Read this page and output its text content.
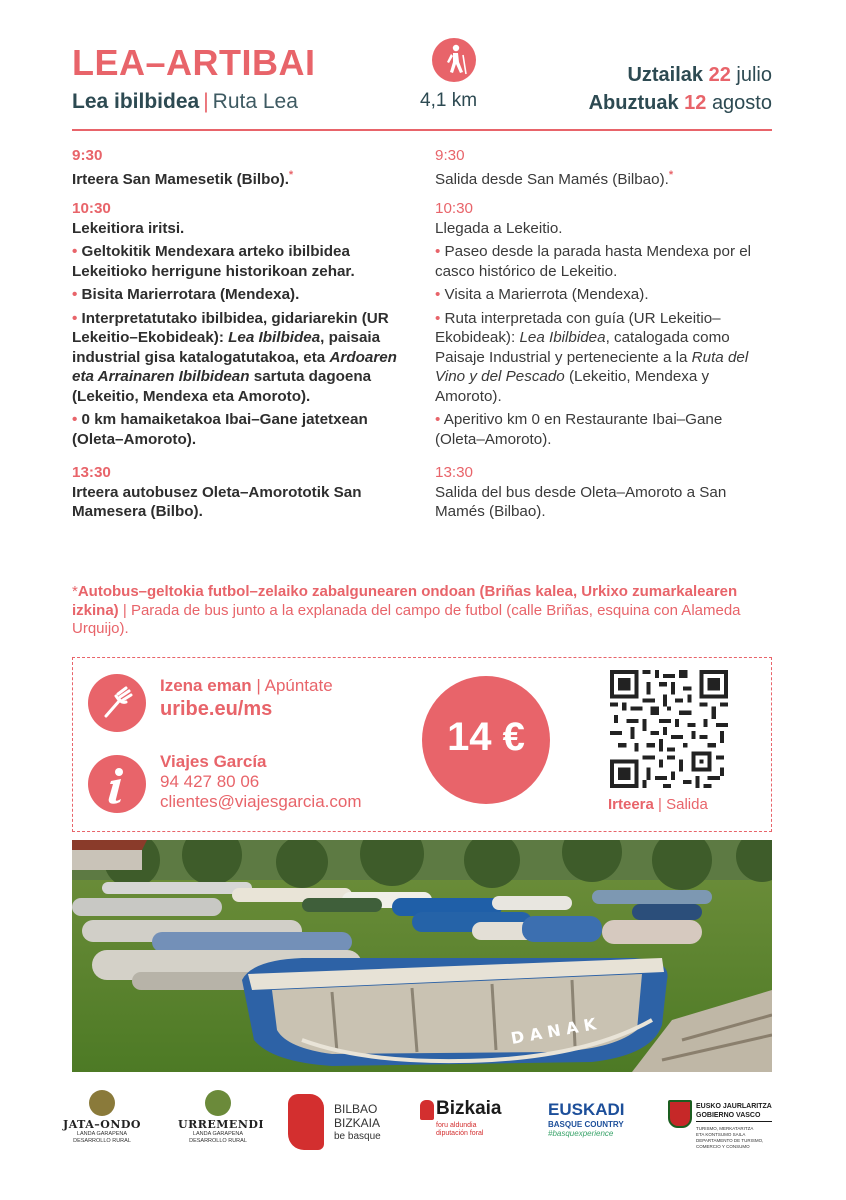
LEA–ARTIBAI
Lea ibilbidea | Ruta Lea	4,1 km
Uztailak 22 julio
Abuztuak 12 agosto
9:30
Irteera San Mamesetik (Bilbo).*
10:30

Lekeitiora iritsi.

• Geltokitik Mendexara arteko ibilbidea Lekeitioko herrigune historikoan zehar.

• Bisita Marierrotara (Mendexa).

• Interpretatutako ibilbidea, gidariarekin (UR Lekeitio–Ekobideak): Lea Ibilbidea, paisaia industrial gisa katalogatutakoa, eta Ardoaren eta Arrainaren Ibilbidean sartuta dagoena (Lekeitio, Mendexa eta Amoroto).

• 0 km hamaiketakoa Ibai–Gane jatetxean (Oleta–Amoroto).

13:30
Irteera autobusez Oleta–Amorototik San Mamesera (Bilbo).
9:30
Salida desde San Mamés (Bilbao).*
10:30

Llegada a Lekeitio.

• Paseo desde la parada hasta Mendexa por el casco histórico de Lekeitio.

• Visita a Marierrota (Mendexa).

• Ruta interpretada con guía (UR Lekeitio–Ekobideak): Lea Ibilbidea, catalogada como Paisaje Industrial y perteneciente a la Ruta del Vino y del Pescado (Lekeitio, Mendexa y Amoroto).

• Aperitivo km 0 en Restaurante Ibai–Gane (Oleta–Amoroto).

13:30
Salida del bus desde Oleta–Amoroto a San Mamés (Bilbao).
*Autobus–geltokia futbol–zelaiko zabalgunearen ondoan (Briñas kalea, Urkixo zumarkalearen izkina) | Parada de bus junto a la explanada del campo de futbol (calle Briñas, esquina con Alameda Urquijo).
Izena eman | Apúntate
uribe.eu/ms
Viajes García
94 427 80 06
clientes@viajesgarcia.com
14 €
Irteera | Salida
D A N A K
JATA–ONDO
LANDA GARAPENA
DESARROLLO RURAL
URREMENDI
LANDA GARAPENA
DESARROLLO RURAL
BILBAO
BIZKAIA
be basque
Bizkaia
foru aldundia
diputación foral
EUSKADI
BASQUE COUNTRY
#basquexperience
EUSKO JAURLARITZA
GOBIERNO VASCO
TURISMO, MERKATARITZA
ETA KONTSUMO SAILA
DEPARTAMENTO DE TURISMO,
COMERCIO Y CONSUMO
